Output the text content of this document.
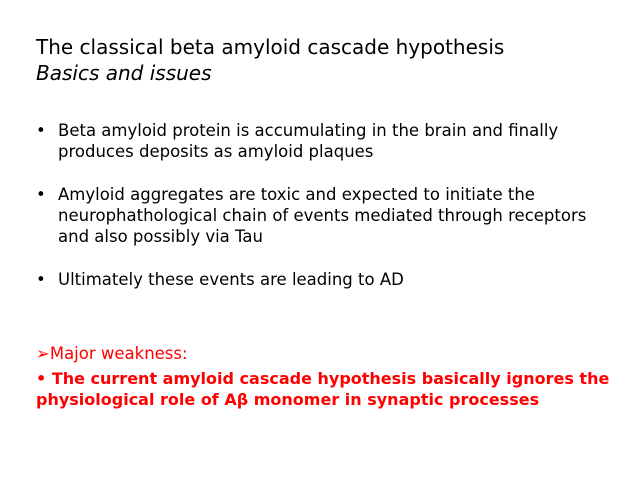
The classical beta amyloid cascade hypothesis
Basics and issues
• Beta amyloid protein is accumulating in the brain and finally produces deposits as amyloid plaques
• Amyloid aggregates are toxic and expected to initiate the neurophathological chain of events mediated through receptors and also possibly via Tau
• Ultimately these events are leading to AD
➢Major weakness:
• The current amyloid cascade hypothesis basically ignores the physiological role of Aβ monomer in synaptic processes
